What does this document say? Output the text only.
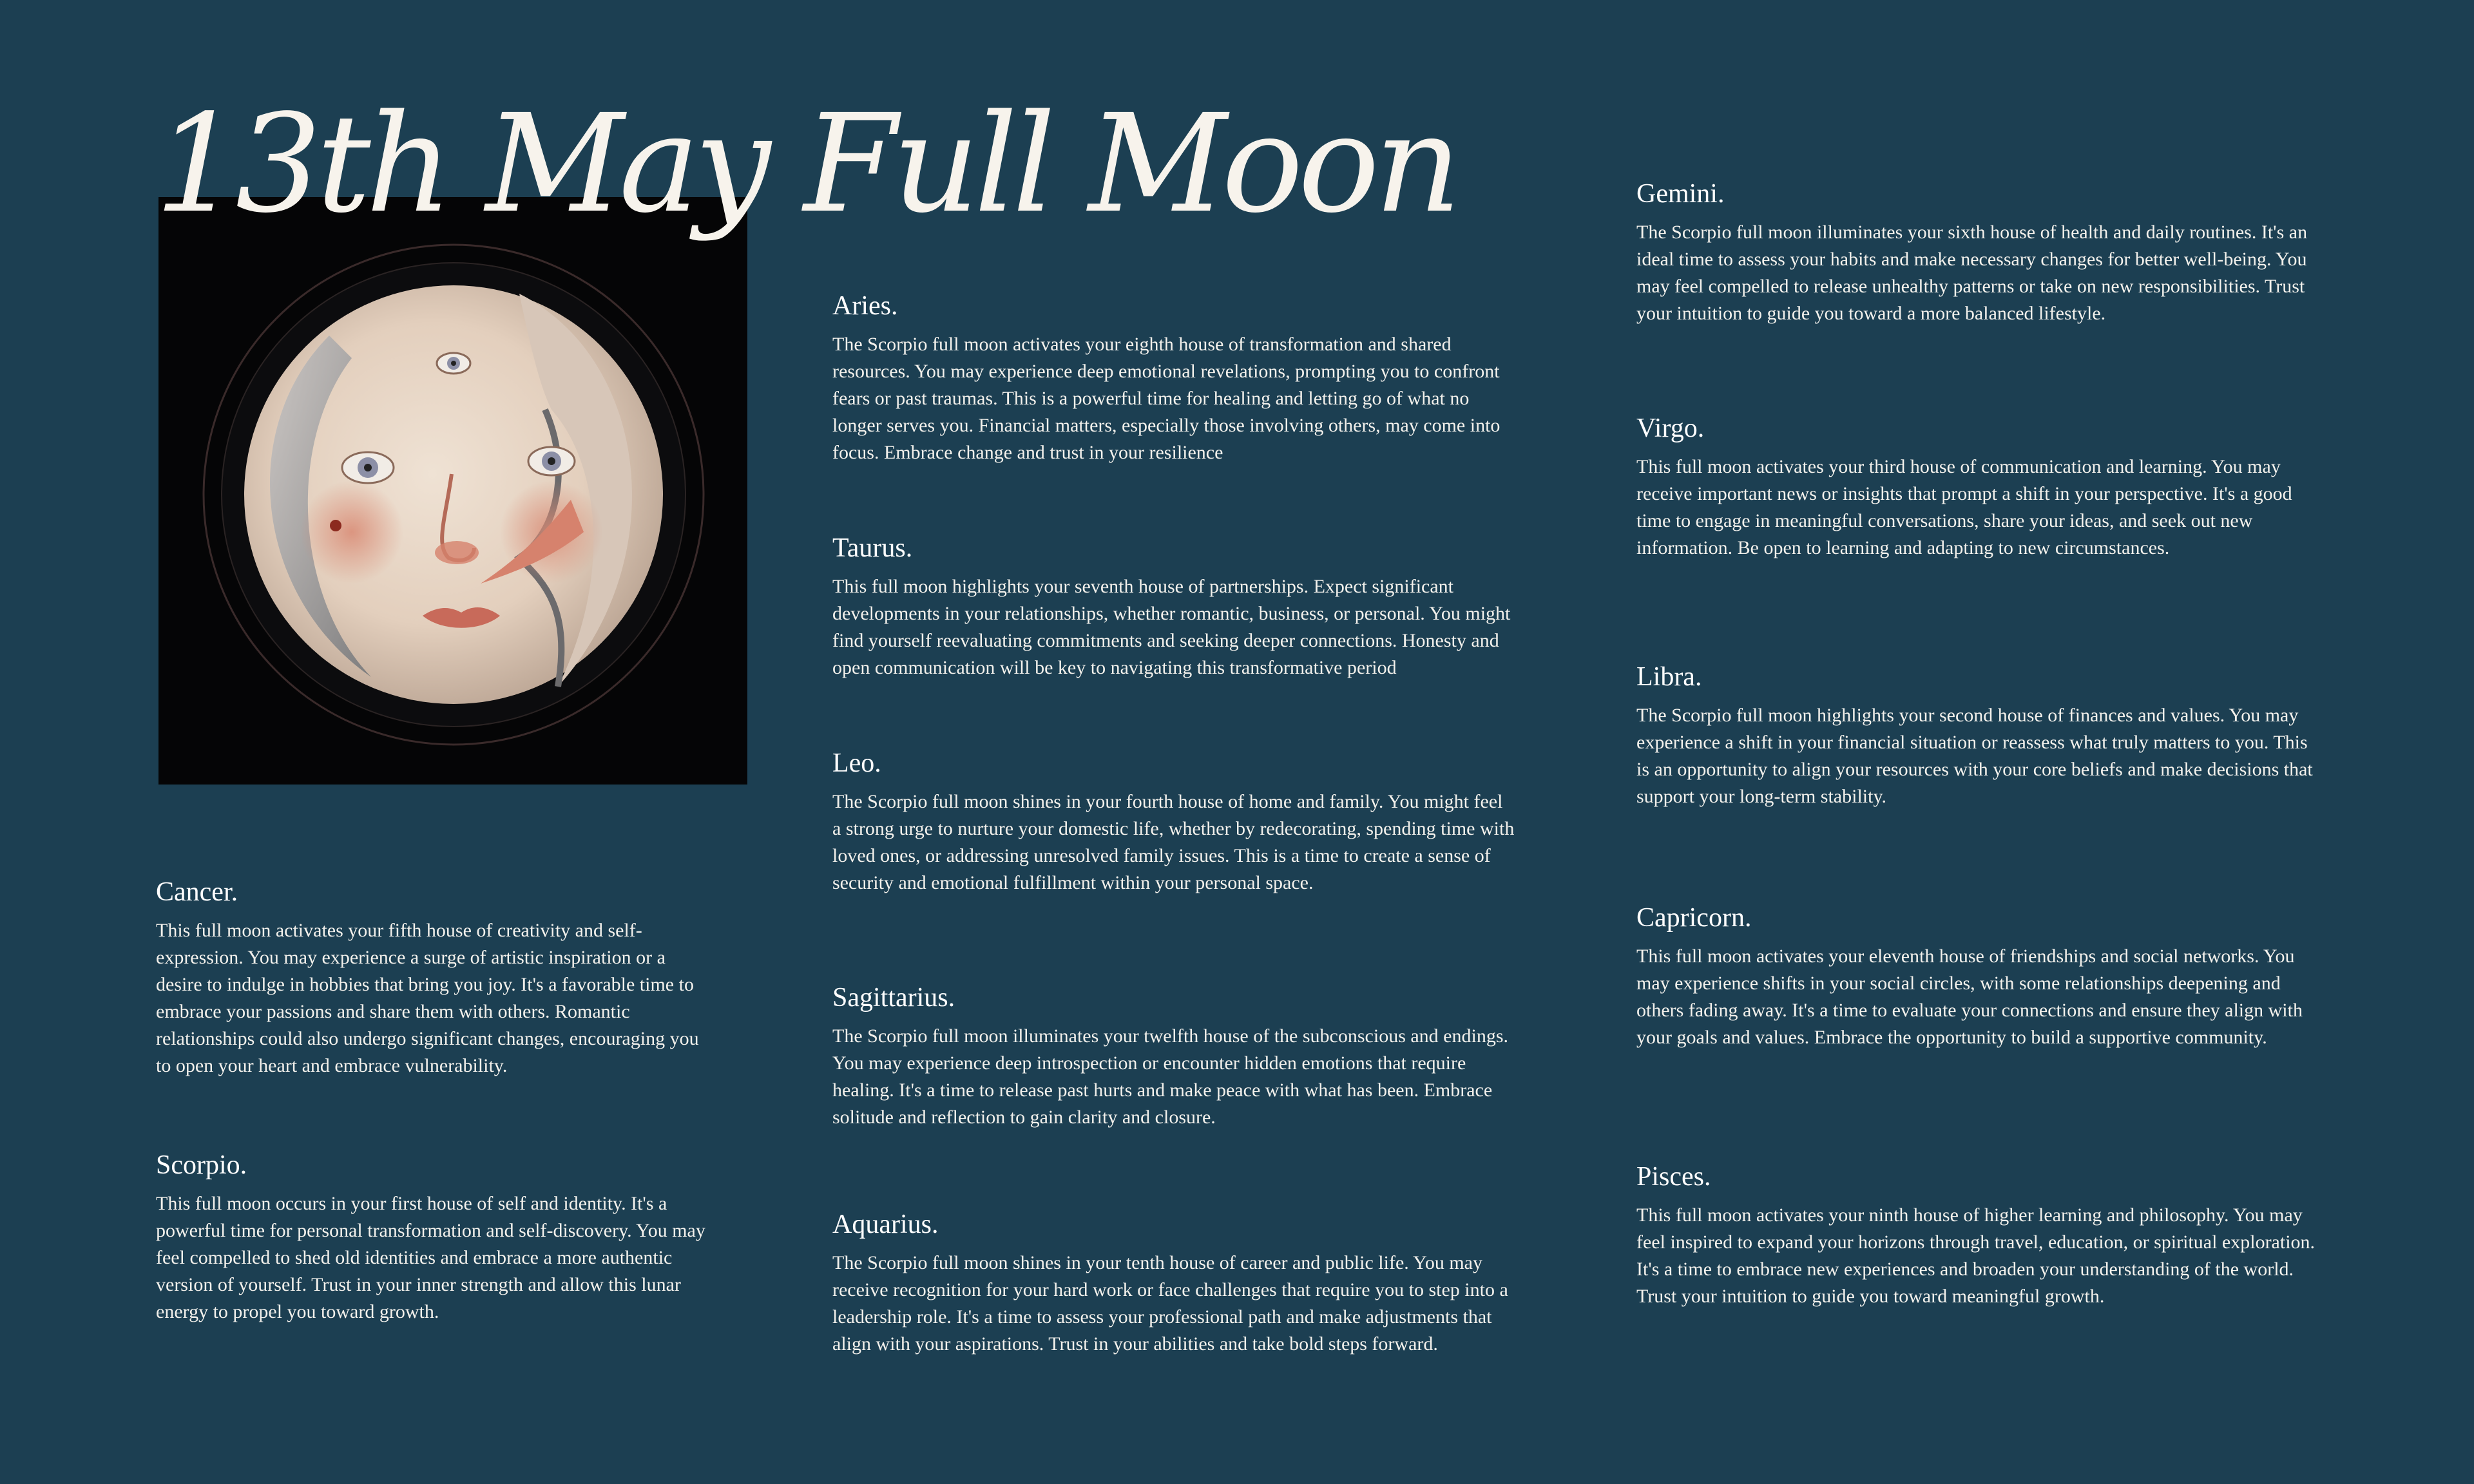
13th May Full Moon
Aries.

The Scorpio full moon activates your eighth house of transformation and shared resources. You may experience deep emotional revelations, prompting you to confront fears or past traumas. This is a powerful time for healing and letting go of what no longer serves you. Financial matters, especially those involving others, may come into focus. Embrace change and trust in your resilience

Taurus.

This full moon highlights your seventh house of partnerships. Expect significant developments in your relationships, whether romantic, business, or personal. You might find yourself reevaluating commitments and seeking deeper connections. Honesty and open communication will be key to navigating this transformative period

Leo.

The Scorpio full moon shines in your fourth house of home and family. You might feel a strong urge to nurture your domestic life, whether by redecorating, spending time with loved ones, or addressing unresolved family issues. This is a time to create a sense of security and emotional fulfillment within your personal space.

Sagittarius.

The Scorpio full moon illuminates your twelfth house of the subconscious and endings. You may experience deep introspection or encounter hidden emotions that require healing. It's a time to release past hurts and make peace with what has been. Embrace solitude and reflection to gain clarity and closure.

Aquarius.

The Scorpio full moon shines in your tenth house of career and public life. You may receive recognition for your hard work or face challenges that require you to step into a leadership role. It's a time to assess your professional path and make adjustments that align with your aspirations. Trust in your abilities and take bold steps forward.

Cancer.

This full moon activates your fifth house of creativity and self-expression. You may experience a surge of artistic inspiration or a desire to indulge in hobbies that bring you joy. It's a favorable time to embrace your passions and share them with others. Romantic relationships could also undergo significant changes, encouraging you to open your heart and embrace vulnerability.

Scorpio.

This full moon occurs in your first house of self and identity. It's a powerful time for personal transformation and self-discovery. You may feel compelled to shed old identities and embrace a more authentic version of yourself. Trust in your inner strength and allow this lunar energy to propel you toward growth.

Gemini.

The Scorpio full moon illuminates your sixth house of health and daily routines. It's an ideal time to assess your habits and make necessary changes for better well-being. You may feel compelled to release unhealthy patterns or take on new responsibilities. Trust your intuition to guide you toward a more balanced lifestyle.

Virgo.

This full moon activates your third house of communication and learning. You may receive important news or insights that prompt a shift in your perspective. It's a good time to engage in meaningful conversations, share your ideas, and seek out new information. Be open to learning and adapting to new circumstances.

Libra.

The Scorpio full moon highlights your second house of finances and values. You may experience a shift in your financial situation or reassess what truly matters to you. This is an opportunity to align your resources with your core beliefs and make decisions that support your long-term stability.

Capricorn.

This full moon activates your eleventh house of friendships and social networks. You may experience shifts in your social circles, with some relationships deepening and others fading away. It's a time to evaluate your connections and ensure they align with your goals and values. Embrace the opportunity to build a supportive community.

Pisces.

This full moon activates your ninth house of higher learning and philosophy. You may feel inspired to expand your horizons through travel, education, or spiritual exploration. It's a time to embrace new experiences and broaden your understanding of the world. Trust your intuition to guide you toward meaningful growth.
